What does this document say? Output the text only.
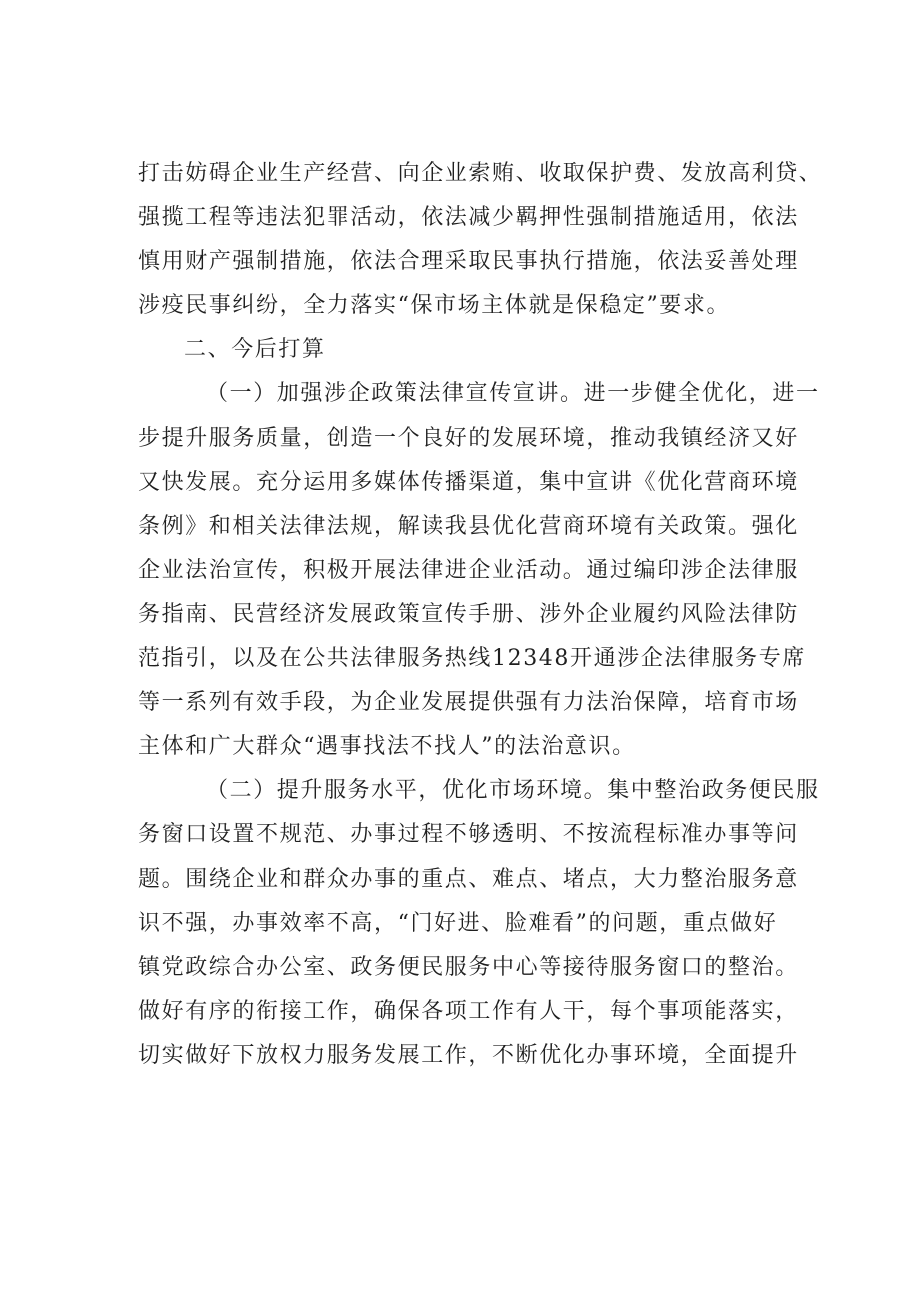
打击妨碍企业生产经营、向企业索贿、收取保护费、发放高利贷、
强揽工程等违法犯罪活动，依法减少羁押性强制措施适用，依法
慎用财产强制措施，依法合理采取民事执行措施，依法妥善处理
涉疫民事纠纷，全力落实“保市场主体就是保稳定”要求。
二、今后打算
（一）加强涉企政策法律宣传宣讲。进一步健全优化，进一
步提升服务质量，创造一个良好的发展环境，推动我镇经济又好
又快发展。充分运用多媒体传播渠道，集中宣讲《优化营商环境
条例》和相关法律法规，解读我县优化营商环境有关政策。强化
企业法治宣传，积极开展法律进企业活动。通过编印涉企法律服
务指南、民营经济发展政策宣传手册、涉外企业履约风险法律防
范指引，以及在公共法律服务热线12348开通涉企法律服务专席
等一系列有效手段，为企业发展提供强有力法治保障，培育市场
主体和广大群众“遇事找法不找人”的法治意识。
（二）提升服务水平，优化市场环境。集中整治政务便民服
务窗口设置不规范、办事过程不够透明、不按流程标准办事等问
题。围绕企业和群众办事的重点、难点、堵点，大力整治服务意
识不强，办事效率不高，“门好进、脸难看”的问题，重点做好
镇党政综合办公室、政务便民服务中心等接待服务窗口的整治。
做好有序的衔接工作，确保各项工作有人干，每个事项能落实，
切实做好下放权力服务发展工作，不断优化办事环境，全面提升
